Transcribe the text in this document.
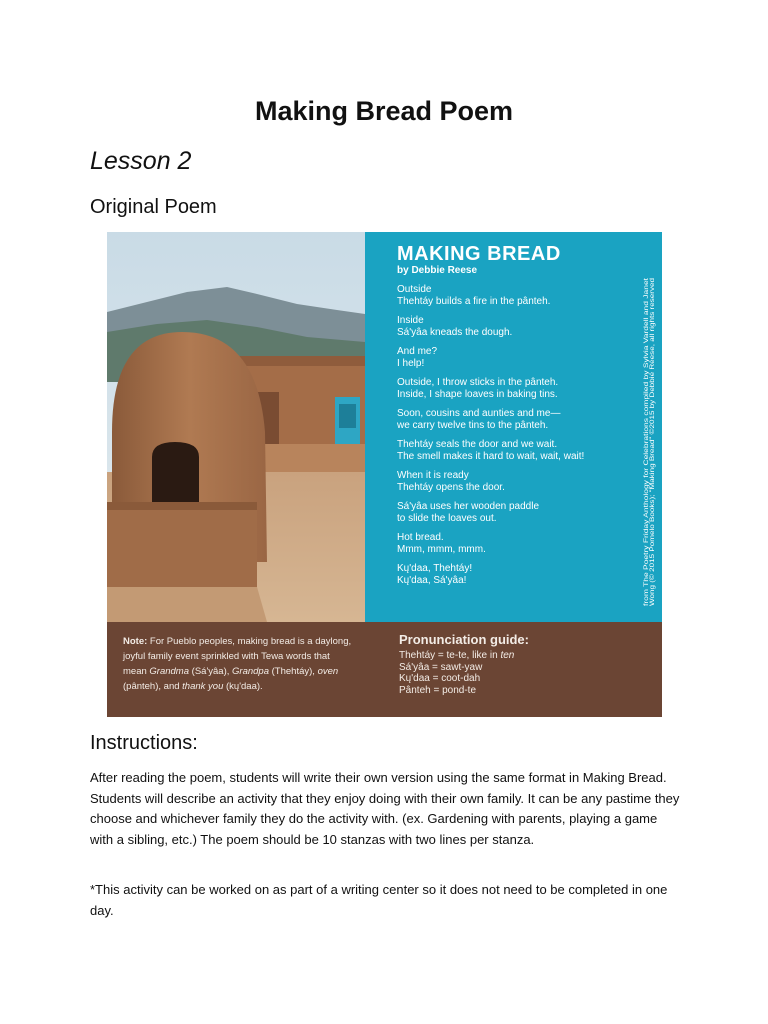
Making Bread Poem
Lesson 2
Original Poem
MAKING BREAD

by Debbie Reese

Outside
Thehtáy builds a fire in the pânteh.
Inside
Sá'yâa kneads the dough.
And me?
I help!
Outside, I throw sticks in the pânteh.
Inside, I shape loaves in baking tins.
Soon, cousins and aunties and me—
we carry twelve tins to the pânteh.
Thehtáy seals the door and we wait.
The smell makes it hard to wait, wait, wait!
When it is ready
Thehtáy opens the door.
Sá'yâa uses her wooden paddle
to slide the loaves out.
Hot bread.
Mmm, mmm, mmm.
Kų'daa, Thehtáy!
Kų'daa, Sá'yâa!	from The Poetry Friday Anthology for Celebrations compiled by Sylvia Vardell and Janet Wong (© 2015 Pomelo Books); "Making Bread" ©2015 by Debbie Reese, all rights reserved
Note: For Pueblo peoples, making bread is a daylong, joyful family event sprinkled with Tewa words that mean Grandma (Sá'yâa), Grandpa (Thehtáy), oven (pânteh), and thank you (kų'daa).
Pronunciation guide:
Thehtáy = te-te, like in ten
Sá'yâa = sawt-yaw
Kų'daa = coot-dah
Pânteh = pond-te
Instructions:

After reading the poem, students will write their own version using the same format in Making Bread. Students will describe an activity that they enjoy doing with their own family. It can be any pastime they choose and whichever family they do the activity with. (ex. Gardening with parents, playing a game with a sibling, etc.) The poem should be 10 stanzas with two lines per stanza.

*This activity can be worked on as part of a writing center so it does not need to be completed in one day.
